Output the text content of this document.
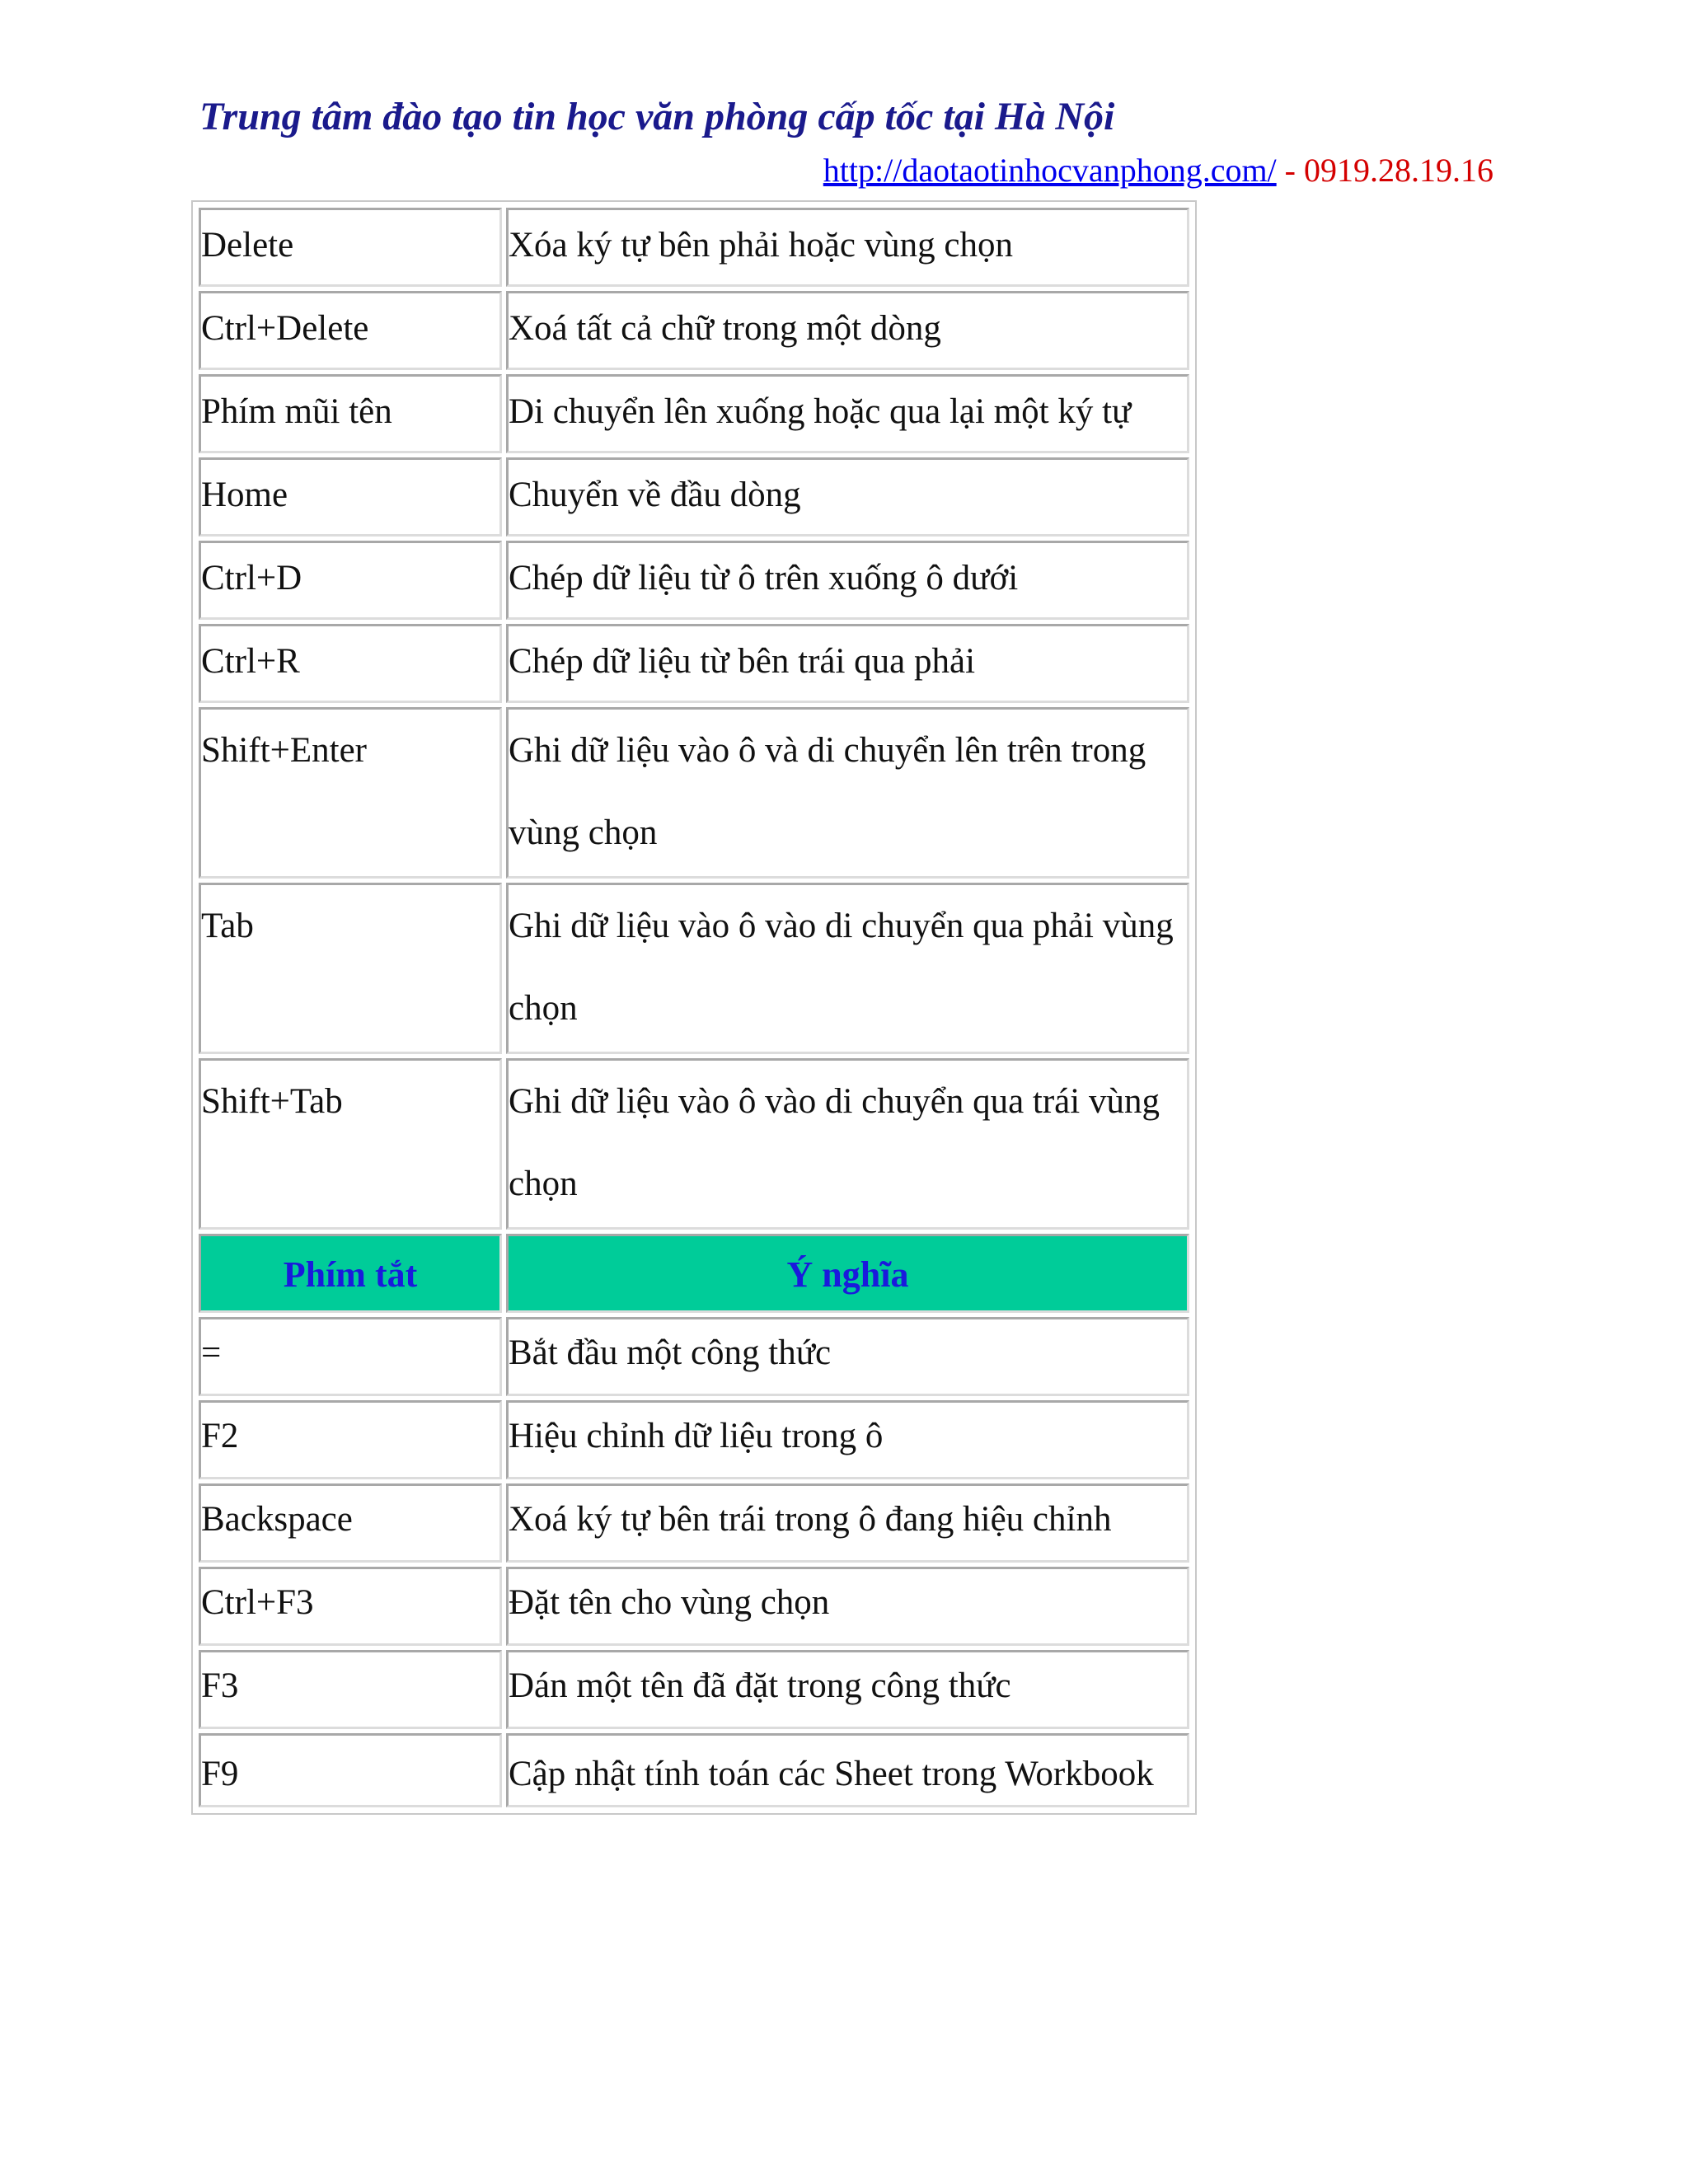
Trung tâm đào tạo tin học văn phòng cấp tốc tại Hà Nội

http://daotaotinhocvanphong.com/ - 0919.28.19.16
Delete	Xóa ký tự bên phải hoặc vùng chọn
Ctrl+Delete	Xoá tất cả chữ trong một dòng
Phím mũi tên	Di chuyển lên xuống hoặc qua lại một ký tự
Home	Chuyển về đầu dòng
Ctrl+D	Chép dữ liệu từ ô trên xuống ô dưới
Ctrl+R	Chép dữ liệu từ bên trái qua phải
Shift+Enter	Ghi dữ liệu vào ô và di chuyển lên trên trong vùng chọn
Tab	Ghi dữ liệu vào ô vào di chuyển qua phải vùng chọn
Shift+Tab	Ghi dữ liệu vào ô vào di chuyển qua trái vùng chọn
Phím tắt	Ý nghĩa
=	Bắt đầu một công thức
F2	Hiệu chỉnh dữ liệu trong ô
Backspace	Xoá ký tự bên trái trong ô đang hiệu chỉnh
Ctrl+F3	Đặt tên cho vùng chọn
F3	Dán một tên đã đặt trong công thức
F9	Cập nhật tính toán các Sheet trong Workbook
